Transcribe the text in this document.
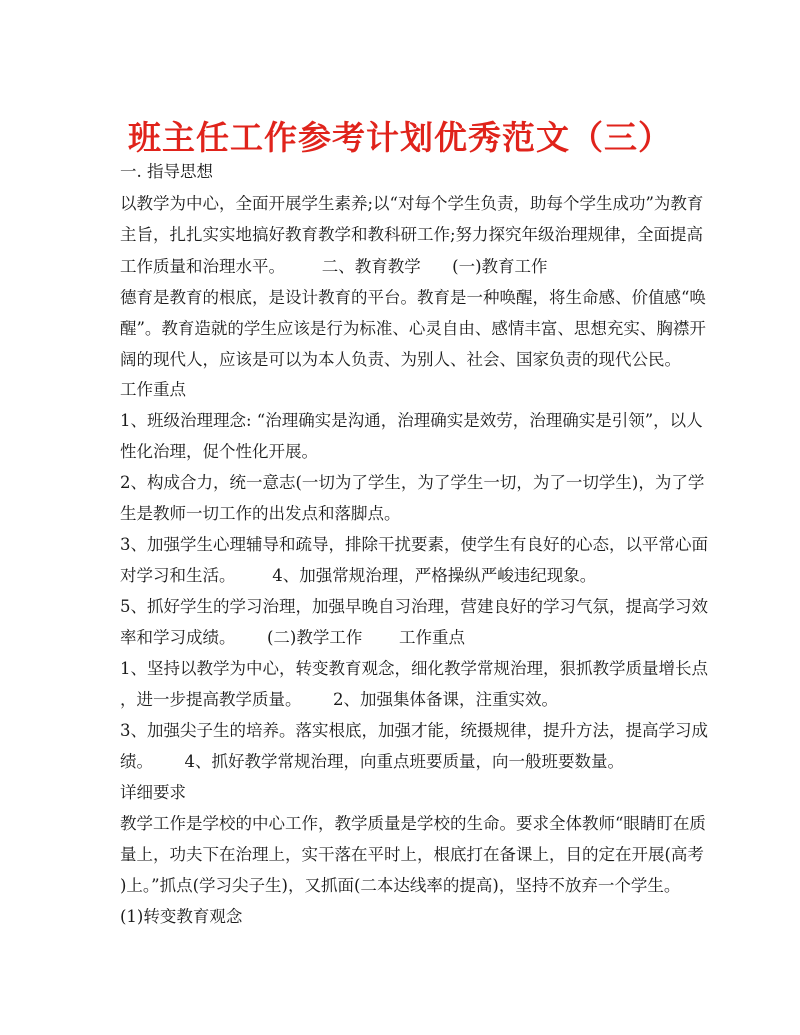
班主任工作参考计划优秀范文（三）
一. 指导思想
以教学为中心，全面开展学生素养;以“对每个学生负责，助每个学生成功”为教育
主旨，扎扎实实地搞好教育教学和教科研工作;努力探究年级治理规律，全面提高
工作质量和治理水平。       二、教育教学      (一)教育工作
德育是教育的根底，是设计教育的平台。教育是一种唤醒，将生命感、价值感“唤
醒”。教育造就的学生应该是行为标准、心灵自由、感情丰富、思想充实、胸襟开
阔的现代人，应该是可以为本人负责、为别人、社会、国家负责的现代公民。
工作重点
1、班级治理理念: “治理确实是沟通，治理确实是效劳，治理确实是引领”，以人
性化治理，促个性化开展。
2、构成合力，统一意志(一切为了学生，为了学生一切，为了一切学生)，为了学
生是教师一切工作的出发点和落脚点。
3、加强学生心理辅导和疏导，排除干扰要素，使学生有良好的心态，以平常心面
对学习和生活。       4、加强常规治理，严格操纵严峻违纪现象。
5、抓好学生的学习治理，加强早晚自习治理，营建良好的学习气氛，提高学习效
率和学习成绩。      (二)教学工作       工作重点
1、坚持以教学为中心，转变教育观念，细化教学常规治理，狠抓教学质量增长点
，进一步提高教学质量。      2、加强集体备课，注重实效。
3、加强尖子生的培养。落实根底，加强才能，统摄规律，提升方法，提高学习成
绩。      4、抓好教学常规治理，向重点班要质量，向一般班要数量。
详细要求
教学工作是学校的中心工作，教学质量是学校的生命。要求全体教师“眼睛盯在质
量上，功夫下在治理上，实干落在平时上，根底打在备课上，目的定在开展(高考
)上。”抓点(学习尖子生)，又抓面(二本达线率的提高)，坚持不放弃一个学生。
(1)转变教育观念
